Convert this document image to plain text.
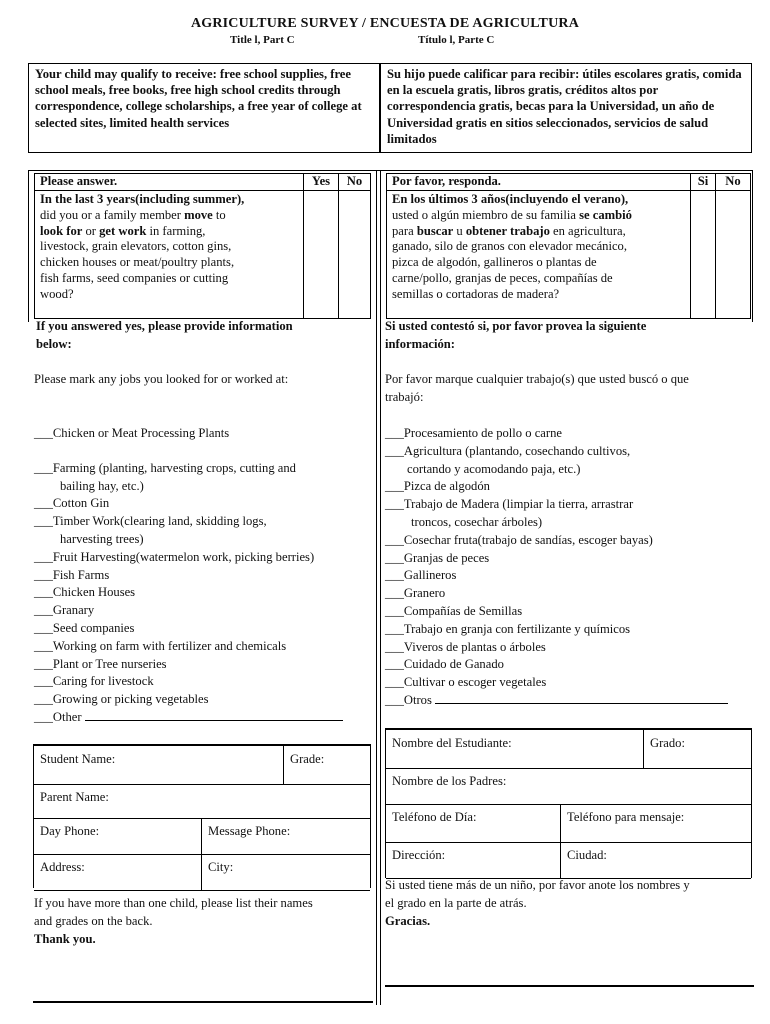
AGRICULTURE SURVEY / ENCUESTA DE AGRICULTURA
Title l, Part C	Título l, Parte C
Your child may qualify to receive: free school supplies, free school meals, free books, free high school credits through correspondence, college scholarships, a free year of college at selected sites, limited health services
Su hijo puede calificar para recibir: útiles escolares gratis, comida en la escuela gratis, libros gratis, créditos altos por correspondencia gratis, becas para la Universidad, un año de Universidad gratis en sitios seleccionados, servicios de salud limitados
Please answer.	Yes	No
In the last 3 years(including summer),
did you or a family member move to
look for or get work in farming,
livestock, grain elevators, cotton gins,
chicken houses or meat/poultry plants,
fish farms, seed companies or cutting
wood?
Por favor, responda.	Si	No
En los últimos 3 años(incluyendo el verano),
usted o algún miembro de su familia se cambió
para buscar u obtener trabajo en agricultura,
ganado, silo de granos con elevador mecánico,
pizca de algodón, gallineros o plantas de
carne/pollo, granjas de peces, compañías de
semillas o cortadoras de madera?
If you answered yes, please provide information
below:
Please mark any jobs you looked for or worked at:
Si usted contestó si, por favor provea la siguiente
información:
Por favor marque cualquier trabajo(s) que usted buscó o que
trabajó:
___Chicken or Meat Processing Plants
___Farming (planting, harvesting crops, cutting and
bailing hay, etc.)
___Cotton Gin
___Timber Work(clearing land, skidding logs,
harvesting trees)
___Fruit Harvesting(watermelon work, picking berries)
___Fish Farms
___Chicken Houses
___Granary
___Seed companies
___Working on farm with fertilizer and chemicals
___Plant or Tree nurseries
___Caring for livestock
___Growing or picking vegetables
___Other
___Procesamiento de pollo o carne
___Agricultura (plantando, cosechando cultivos,
cortando y acomodando paja, etc.)
___Pizca de algodón
___Trabajo de Madera (limpiar la tierra, arrastrar
troncos, cosechar árboles)
___Cosechar fruta(trabajo de sandías, escoger bayas)
___Granjas de peces
___Gallineros
___Granero
___Compañías de Semillas
___Trabajo en granja con fertilizante y químicos
___Viveros de plantas o árboles
___Cuidado de Ganado
___Cultivar o escoger vegetales
___Otros
Student Name:	Grade:
Parent Name:
Day Phone:	Message Phone:
Address:	City:
Nombre del Estudiante:	Grado:
Nombre de los Padres:
Teléfono de Día:	Teléfono para mensaje:
Dirección:	Ciudad:
If you have more than one child, please list their names
and grades on the back.
Thank you.
Si usted tiene más de un niño, por favor anote los nombres y
el grado en la parte de atrás.
Gracias.
